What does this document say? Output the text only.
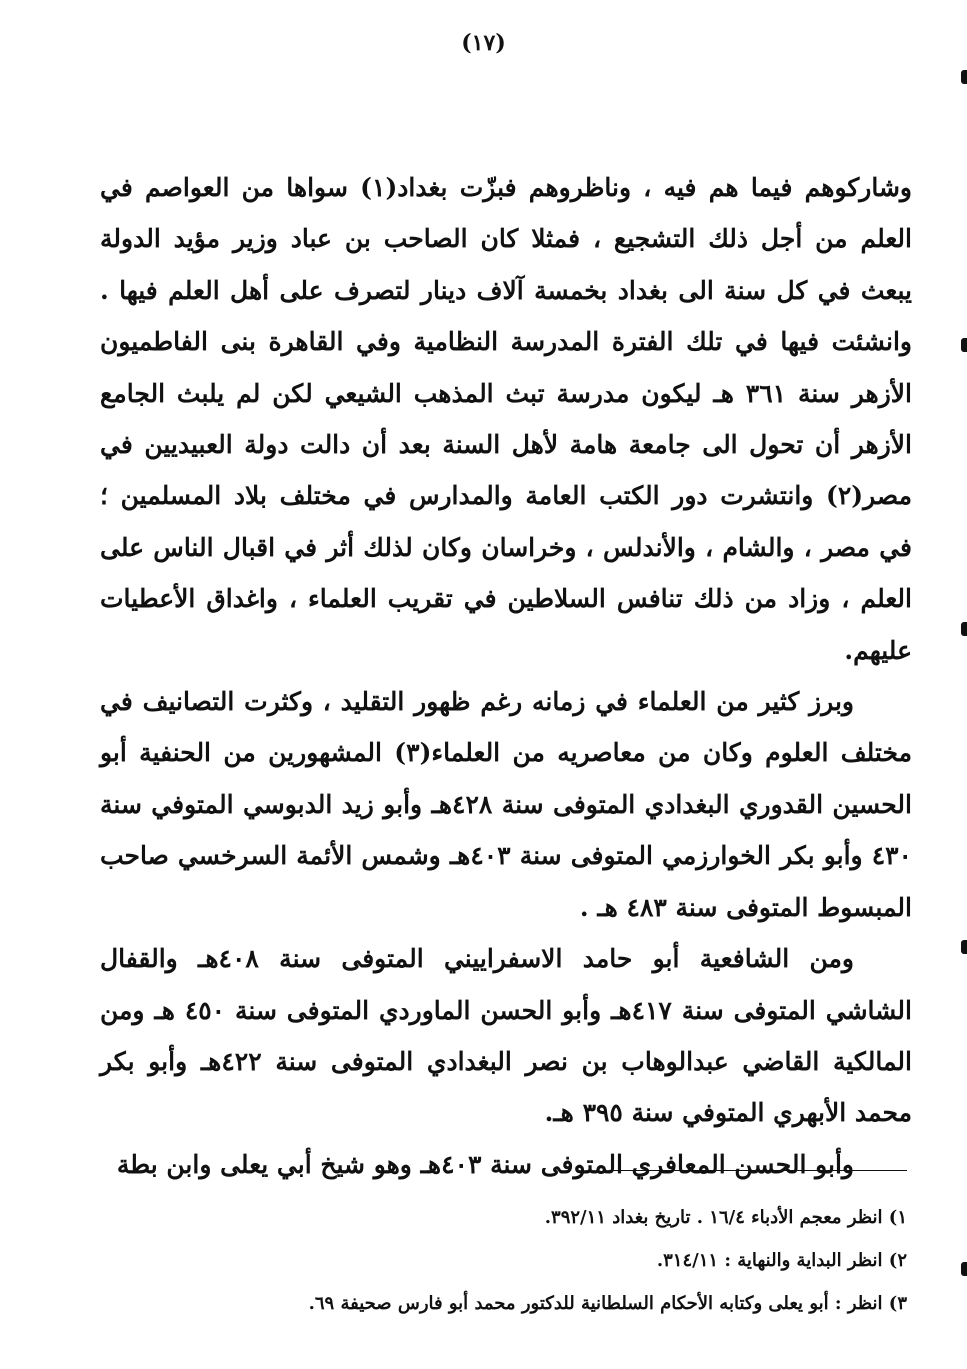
(١٧)

وشاركوهم فيما هم فيه ، وناظروهم فبزّت بغداد(١) سواها من العواصم في العلم من أجل ذلك التشجيع ، فمثلا كان الصاحب بن عباد وزير مؤيد الدولة يبعث في كل سنة الى بغداد بخمسة آلاف دينار لتصرف على أهل العلم فيها . وانشئت فيها في تلك الفترة المدرسة النظامية وفي القاهرة بنى الفاطميون الأزهر سنة ٣٦١ هـ ليكون مدرسة تبث المذهب الشيعي لكن لم يلبث الجامع الأزهر أن تحول الى جامعة هامة لأهل السنة بعد أن دالت دولة العبيديين في مصر(٢) وانتشرت دور الكتب العامة والمدارس في مختلف بلاد المسلمين ؛ في مصر ، والشام ، والأندلس ، وخراسان وكان لذلك أثر في اقبال الناس على العلم ، وزاد من ذلك تنافس السلاطين في تقريب العلماء ، واغداق الأعطيات عليهم.

وبرز كثير من العلماء في زمانه رغم ظهور التقليد ، وكثرت التصانيف في مختلف العلوم وكان من معاصريه من العلماء(٣) المشهورين من الحنفية أبو الحسين القدوري البغدادي المتوفى سنة ٤٢٨هـ وأبو زيد الدبوسي المتوفي سنة ٤٣٠ وأبو بكر الخوارزمي المتوفى سنة ٤٠٣هـ وشمس الأئمة السرخسي صاحب المبسوط المتوفى سنة ٤٨٣ هـ .

ومن الشافعية أبو حامد الاسفراييني المتوفى سنة ٤٠٨هـ والقفال الشاشي المتوفى سنة ٤١٧هـ وأبو الحسن الماوردي المتوفى سنة ٤٥٠ هـ ومن المالكية القاضي عبدالوهاب بن نصر البغدادي المتوفى سنة ٤٢٢هـ وأبو بكر محمد الأبهري المتوفي سنة ٣٩٥ هـ.

وأبو الحسن المعافري المتوفى سنة ٤٠٣هـ وهو شيخ أبي يعلى وابن بطة

١) انظر معجم الأدباء ١٦/٤ . تاريخ بغداد ٣٩٢/١١.

٢) انظر البداية والنهاية : ٣١٤/١١.

٣) انظر : أبو يعلى وكتابه الأحكام السلطانية للدكتور محمد أبو فارس صحيفة ٦٩.
